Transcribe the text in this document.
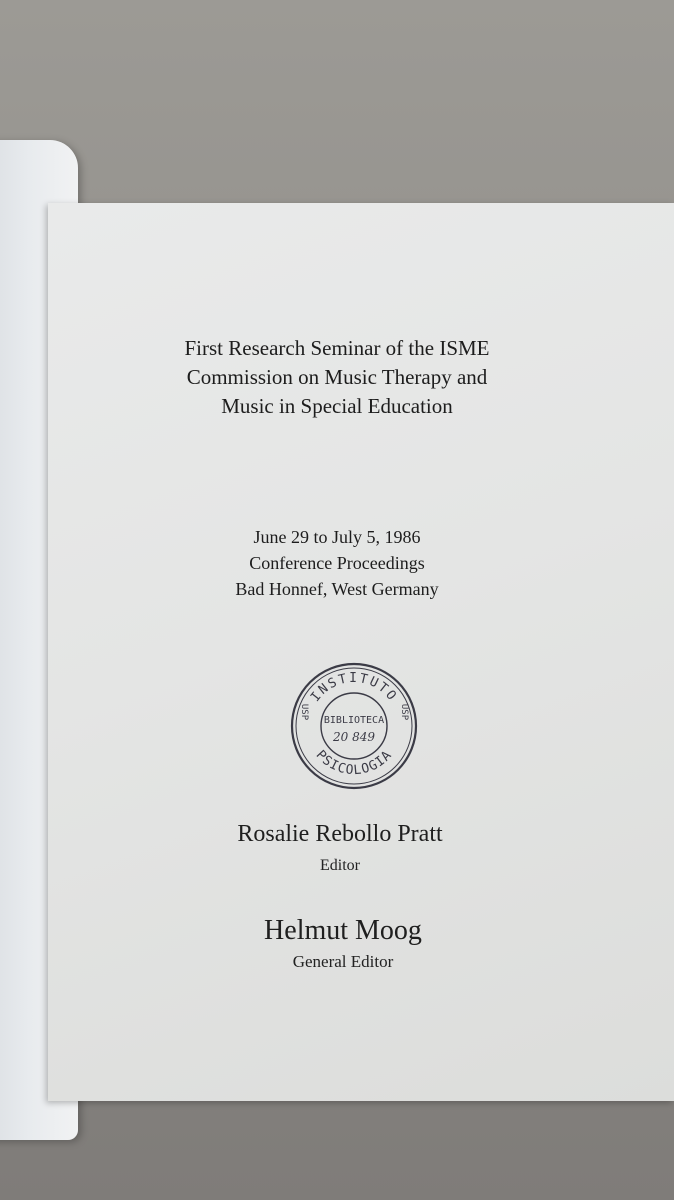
First Research Seminar of the ISME
Commission on Music Therapy and
Music in Special Education
June 29 to July 5, 1986
Conference Proceedings
Bad Honnef, West Germany
INSTITUTO
PSICOLOGIA
USP	USP
BIBLIOTECA
20 849
Rosalie Rebollo Pratt
Editor
Helmut Moog
General Editor
